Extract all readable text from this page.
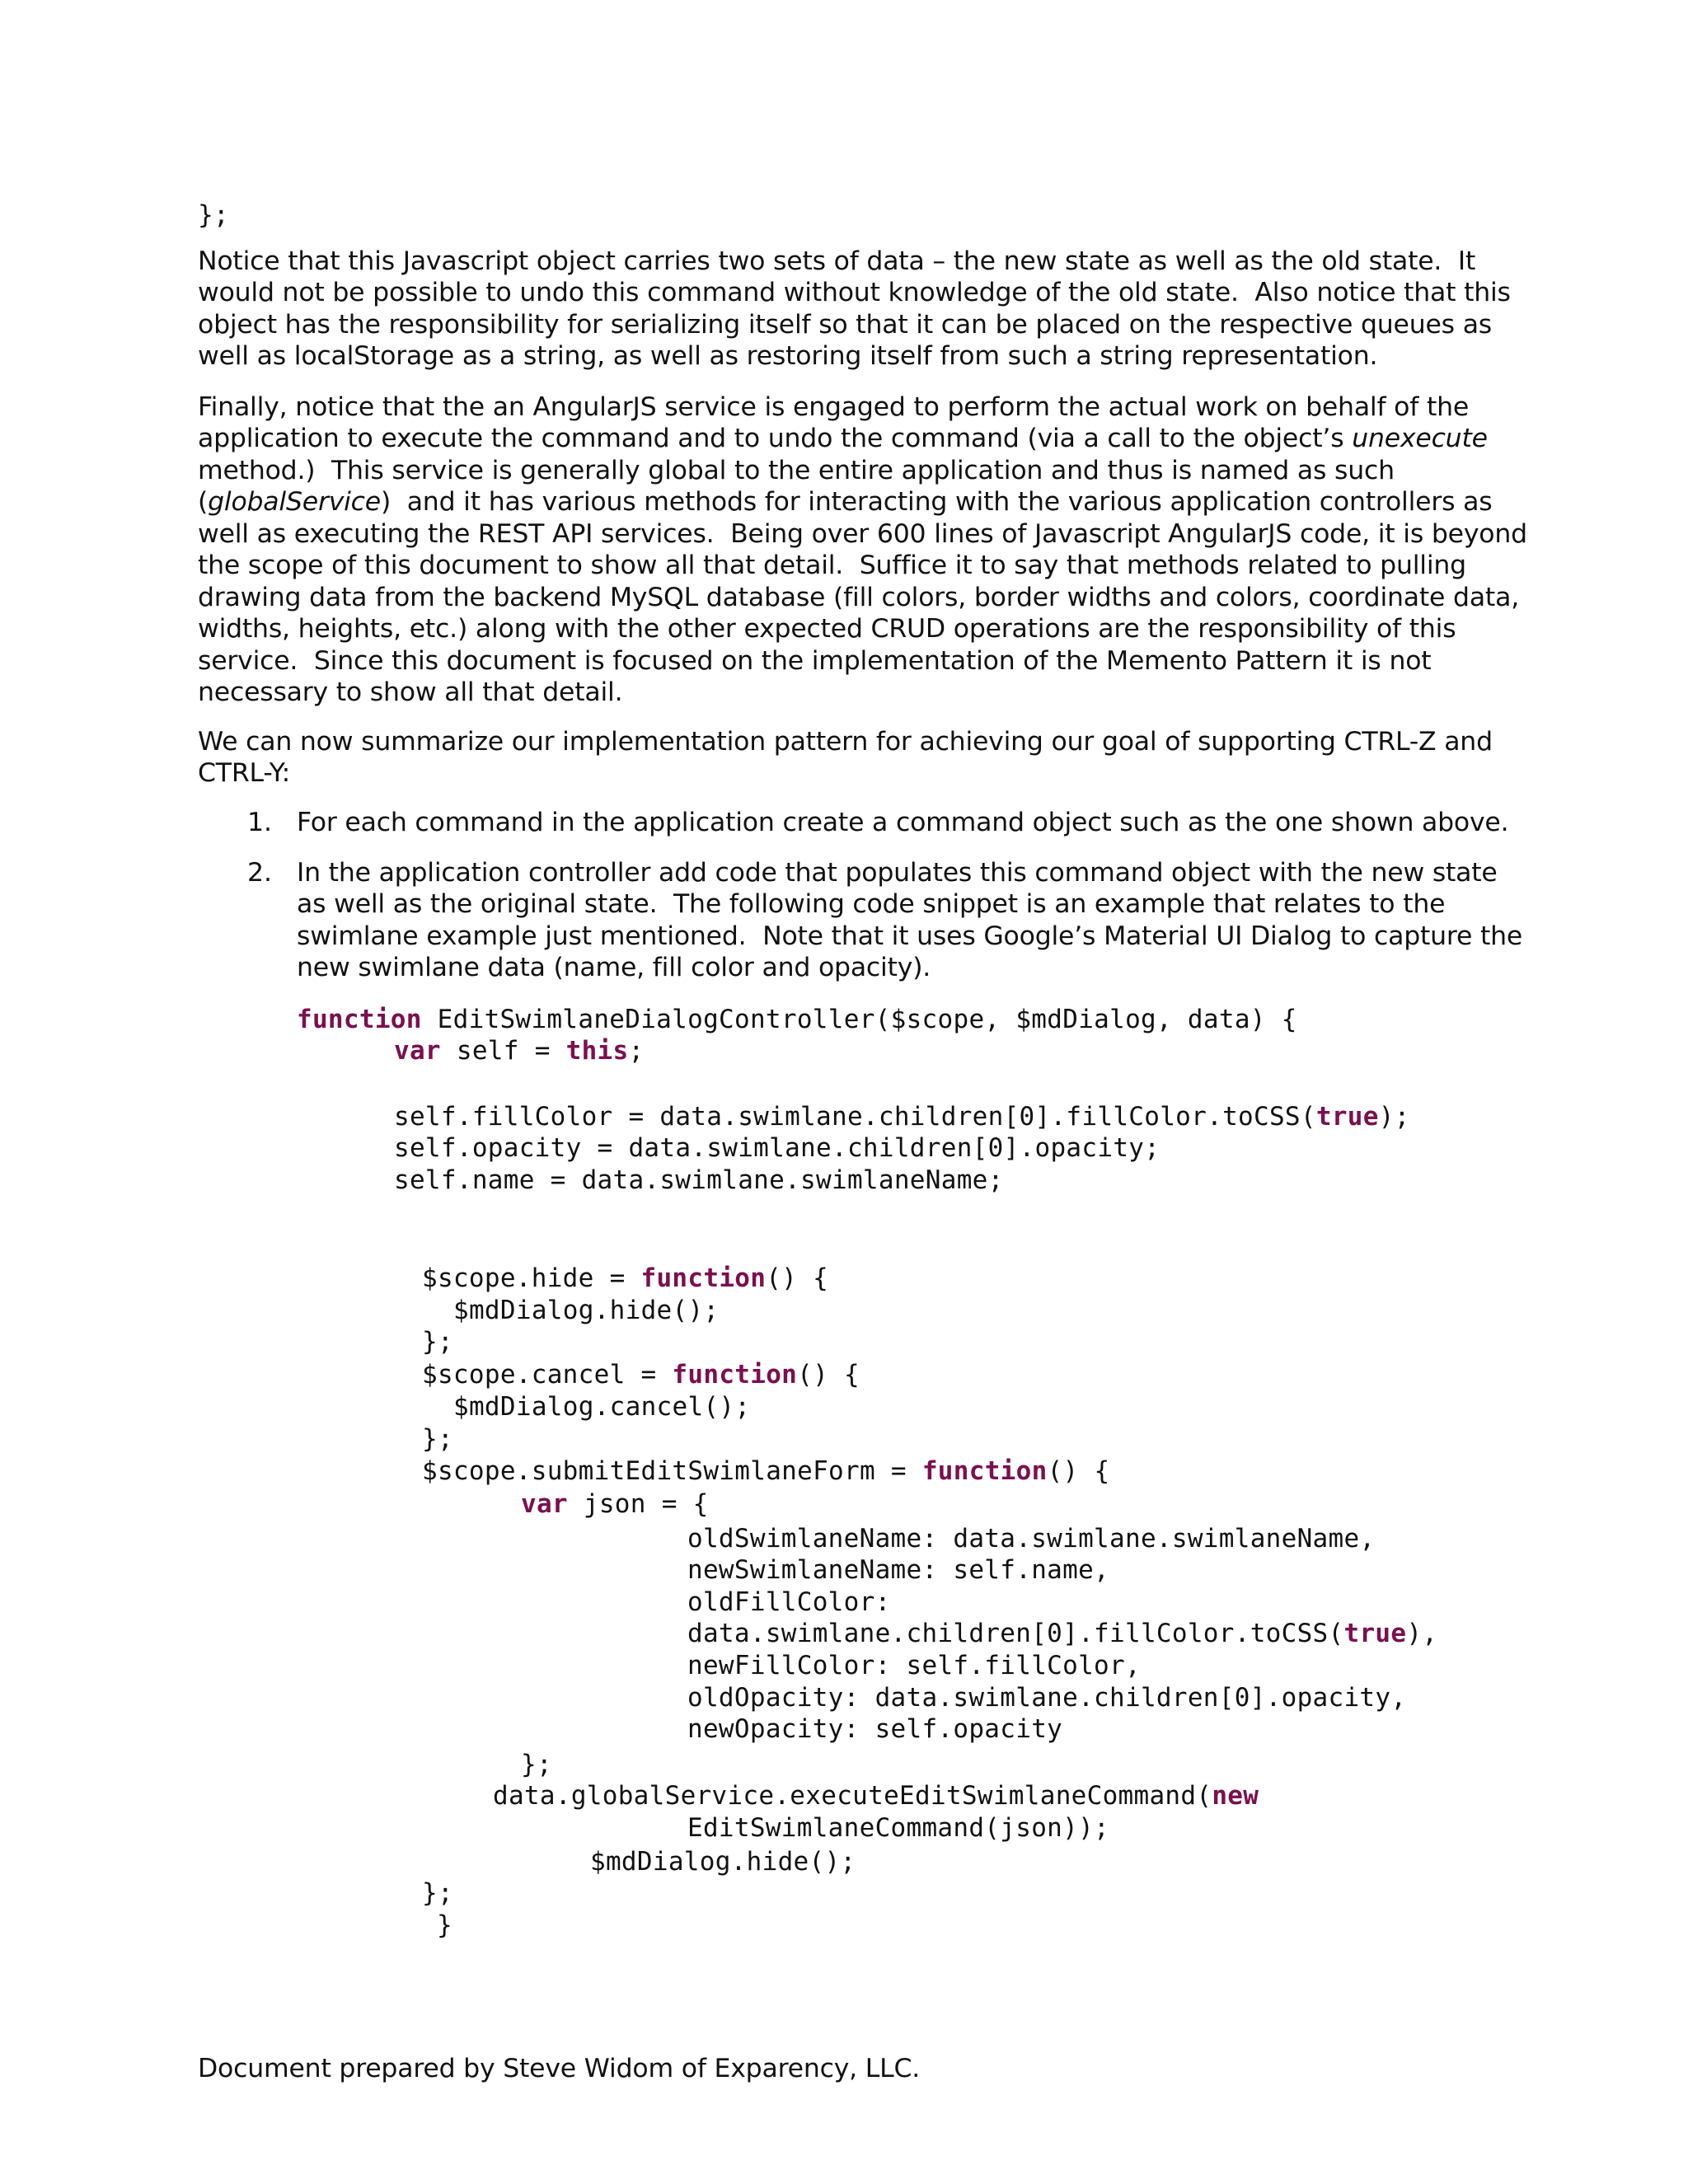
};
Notice that this Javascript object carries two sets of data – the new state as well as the old state.  It
would not be possible to undo this command without knowledge of the old state.  Also notice that this
object has the responsibility for serializing itself so that it can be placed on the respective queues as
well as localStorage as a string, as well as restoring itself from such a string representation.
Finally, notice that the an AngularJS service is engaged to perform the actual work on behalf of the
application to execute the command and to undo the command (via a call to the object’s unexecute
method.)  This service is generally global to the entire application and thus is named as such
(globalService)  and it has various methods for interacting with the various application controllers as
well as executing the REST API services.  Being over 600 lines of Javascript AngularJS code, it is beyond
the scope of this document to show all that detail.  Suffice it to say that methods related to pulling
drawing data from the backend MySQL database (fill colors, border widths and colors, coordinate data,
widths, heights, etc.) along with the other expected CRUD operations are the responsibility of this
service.  Since this document is focused on the implementation of the Memento Pattern it is not
necessary to show all that detail.
We can now summarize our implementation pattern for achieving our goal of supporting CTRL-Z and
CTRL-Y:
1. For each command in the application create a command object such as the one shown above.
2. In the application controller add code that populates this command object with the new state
as well as the original state.  The following code snippet is an example that relates to the
swimlane example just mentioned.  Note that it uses Google’s Material UI Dialog to capture the
new swimlane data (name, fill color and opacity).
function EditSwimlaneDialogController($scope, $mdDialog, data) {
var self = this;
self.fillColor = data.swimlane.children[0].fillColor.toCSS(true);
self.opacity = data.swimlane.children[0].opacity;
self.name = data.swimlane.swimlaneName;
$scope.hide = function() {
$mdDialog.hide();
};
$scope.cancel = function() {
$mdDialog.cancel();
};
$scope.submitEditSwimlaneForm = function() {
var json = {
oldSwimlaneName: data.swimlane.swimlaneName,
newSwimlaneName: self.name,
oldFillColor:
data.swimlane.children[0].fillColor.toCSS(true),
newFillColor: self.fillColor,
oldOpacity: data.swimlane.children[0].opacity,
newOpacity: self.opacity
};
data.globalService.executeEditSwimlaneCommand(new
EditSwimlaneCommand(json));
$mdDialog.hide();
};
}
Document prepared by Steve Widom of Exparency, LLC.
